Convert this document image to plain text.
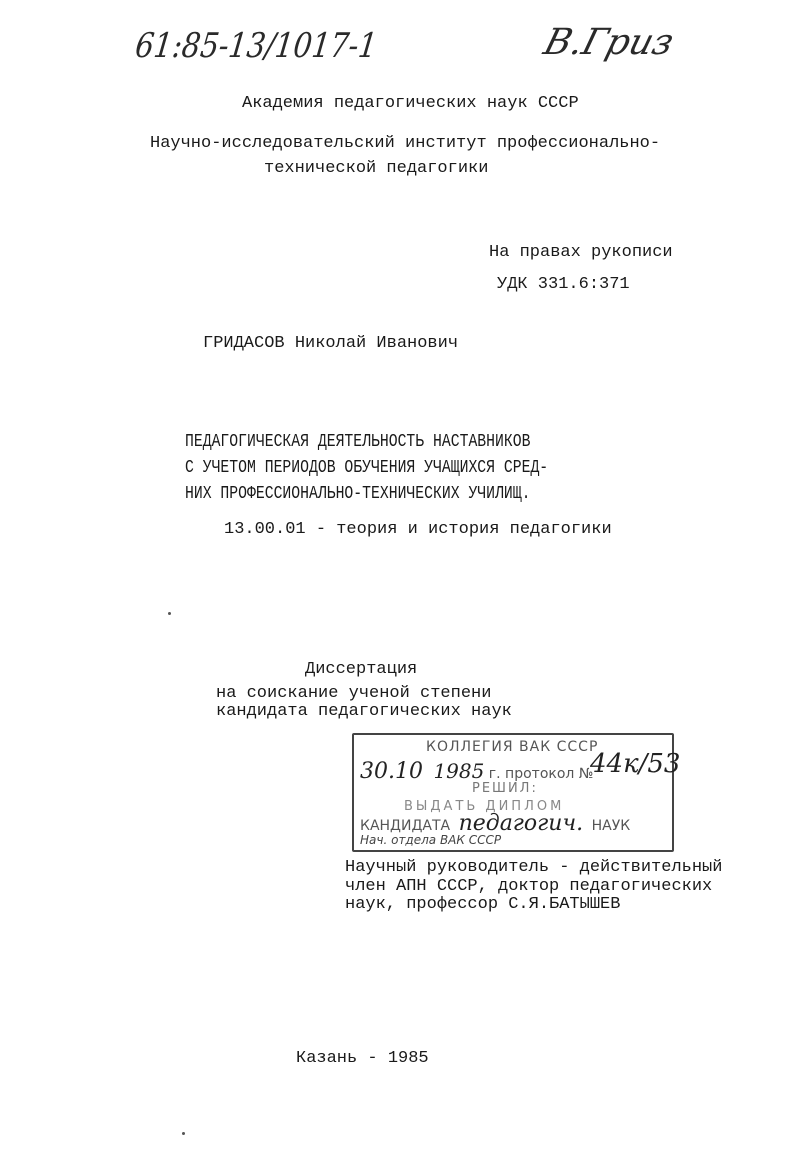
61:85-13/1017-1	В.Гриз
Академия педагогических наук СССР
Научно-исследовательский институт профессионально-
технической педагогики
На правах рукописи
УДК 331.6:371
ГРИДАСОВ Николай Иванович
ПЕДАГОГИЧЕСКАЯ ДЕЯТЕЛЬНОСТЬ НАСТАВНИКОВ
С УЧЕТОМ ПЕРИОДОВ ОБУЧЕНИЯ УЧАЩИХСЯ СРЕД-
НИХ ПРОФЕССИОНАЛЬНО-ТЕХНИЧЕСКИХ УЧИЛИЩ.
13.00.01 - теория и история педагогики
Диссертация
на соискание ученой степени
кандидата педагогических наук
КОЛЛЕГИЯ ВАК СССР
30.10 1985 г. протокол №
44к/53
РЕШИЛ:
ВЫДАТЬ ДИПЛОМ
КАНДИДАТА педагогич. НАУК
Нач. отдела ВАК СССР
Научный руководитель - действительный
член АПН СССР, доктор педагогических
наук, профессор С.Я.БАТЫШЕВ
Казань - 1985
